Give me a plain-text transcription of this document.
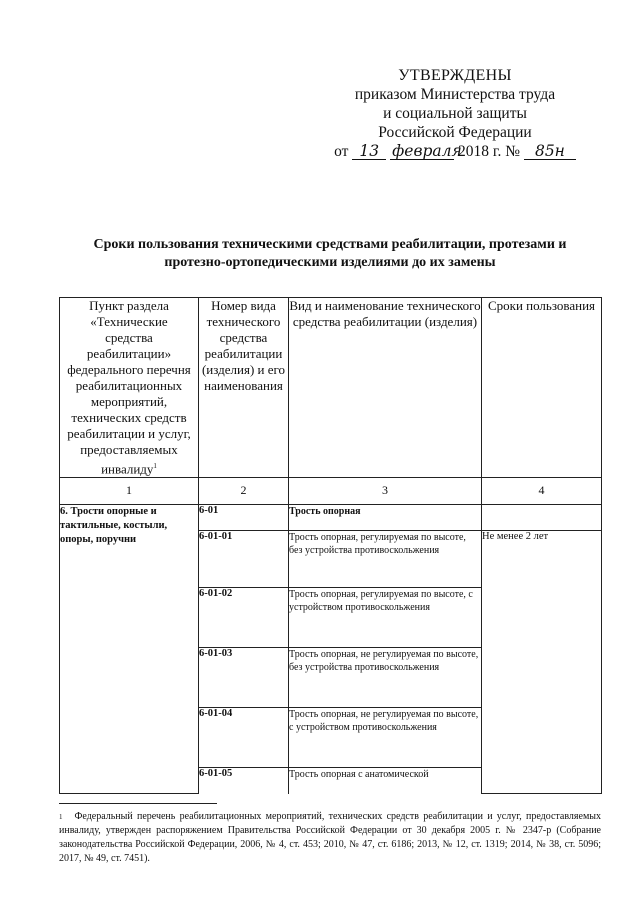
УТВЕРЖДЕНЫ
приказом Министерства труда
и социальной защиты
Российской Федерации
от 13 февраля 2018 г. № 85н
Сроки пользования техническими средствами реабилитации, протезами и
протезно-ортопедическими изделиями до их замены
Пункт раздела «Технические средства реабилитации» федерального перечня реабилитационных мероприятий, технических средств реабилитации и услуг, предоставляемых инвалиду$^1$	Номер вида технического средства реабилитации (изделия) и его наименования	Вид и наименование технического средства реабилитации (изделия)	Сроки пользования
1	2	3	4
6. Трости опорные и тактильные, костыли, опоры, поручни	6-01	Трость опорная	
	6-01-01	Трость опорная, регулируемая по высоте, без устройства противоскольжения	Не менее 2 лет
	6-01-02	Трость опорная, регулируемая по высоте, с устройством противоскольжения	
	6-01-03	Трость опорная, не регулируемая по высоте, без устройства противоскольжения	
	6-01-04	Трость опорная, не регулируемая по высоте, с устройством противоскольжения	
	6-01-05	Трость опорная с анатомической	
$^1$ Федеральный перечень реабилитационных мероприятий, технических средств реабилитации и услуг, предоставляемых инвалиду, утвержден распоряжением Правительства Российской Федерации от 30 декабря 2005 г. № 2347-р (Собрание законодательства Российской Федерации, 2006, № 4, ст. 453; 2010, № 47, ст. 6186; 2013, № 12, ст. 1319; 2014, № 38, ст. 5096; 2017, № 49, ст. 7451).
